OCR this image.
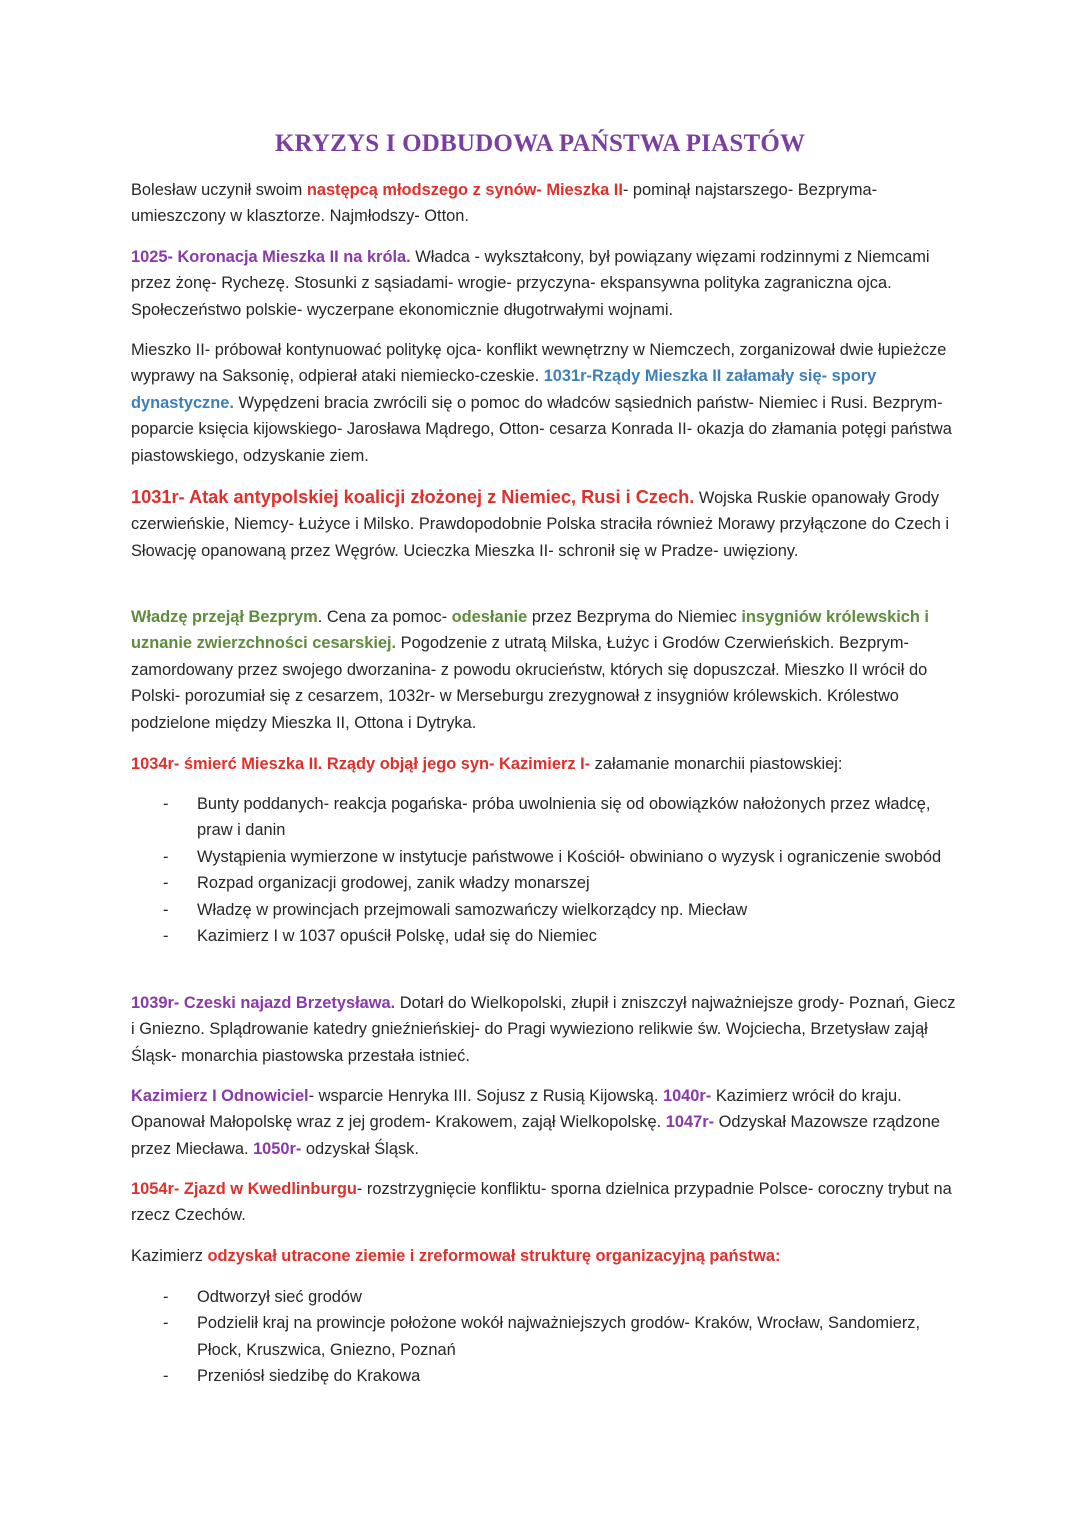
KRYZYS I ODBUDOWA PAŃSTWA PIASTÓW

Bolesław uczynił swoim następcą młodszego z synów- Mieszka II- pominął najstarszego- Bezpryma- umieszczony w klasztorze. Najmłodszy- Otton.

1025- Koronacja Mieszka II na króla. Władca - wykształcony, był powiązany więzami rodzinnymi z Niemcami przez żonę- Rychezę. Stosunki z sąsiadami- wrogie- przyczyna- ekspansywna polityka zagraniczna ojca. Społeczeństwo polskie- wyczerpane ekonomicznie długotrwałymi wojnami.

Mieszko II- próbował kontynuować politykę ojca- konflikt wewnętrzny w Niemczech, zorganizował dwie łupieżcze wyprawy na Saksonię, odpierał ataki niemiecko-czeskie. 1031r-Rządy Mieszka II załamały się- spory dynastyczne. Wypędzeni bracia zwrócili się o pomoc do władców sąsiednich państw- Niemiec i Rusi. Bezprym- poparcie księcia kijowskiego- Jarosława Mądrego, Otton- cesarza Konrada II- okazja do złamania potęgi państwa piastowskiego, odzyskanie ziem.

1031r- Atak antypolskiej koalicji złożonej z Niemiec, Rusi i Czech. Wojska Ruskie opanowały Grody czerwieńskie, Niemcy- Łużyce i Milsko. Prawdopodobnie Polska straciła również Morawy przyłączone do Czech i Słowację opanowaną przez Węgrów. Ucieczka Mieszka II- schronił się w Pradze- uwięziony.

Władzę przejął Bezprym. Cena za pomoc- odesłanie przez Bezpryma do Niemiec insygniów królewskich i uznanie zwierzchności cesarskiej. Pogodzenie z utratą Milska, Łużyc i Grodów Czerwieńskich. Bezprym- zamordowany przez swojego dworzanina- z powodu okrucieństw, których się dopuszczał. Mieszko II wrócił do Polski- porozumiał się z cesarzem, 1032r- w Merseburgu zrezygnował z insygniów królewskich. Królestwo podzielone między Mieszka II, Ottona i Dytryka.

1034r- śmierć Mieszka II. Rządy objął jego syn- Kazimierz I- załamanie monarchii piastowskiej:

- Bunty poddanych- reakcja pogańska- próba uwolnienia się od obowiązków nałożonych przez władcę, praw i danin
- Wystąpienia wymierzone w instytucje państwowe i Kościół- obwiniano o wyzysk i ograniczenie swobód
- Rozpad organizacji grodowej, zanik władzy monarszej
- Władzę w prowincjach przejmowali samozwańczy wielkorządcy np. Miecław
- Kazimierz I w 1037 opuścił Polskę, udał się do Niemiec

1039r- Czeski najazd Brzetysława. Dotarł do Wielkopolski, złupił i zniszczył najważniejsze grody- Poznań, Giecz i Gniezno. Splądrowanie katedry gnieźnieńskiej- do Pragi wywieziono relikwie św. Wojciecha, Brzetysław zajął Śląsk- monarchia piastowska przestała istnieć.

Kazimierz I Odnowiciel- wsparcie Henryka III. Sojusz z Rusią Kijowską. 1040r- Kazimierz wrócił do kraju. Opanował Małopolskę wraz z jej grodem- Krakowem, zajął Wielkopolskę. 1047r- Odzyskał Mazowsze rządzone przez Miecława. 1050r- odzyskał Śląsk.

1054r- Zjazd w Kwedlinburgu- rozstrzygnięcie konfliktu- sporna dzielnica przypadnie Polsce- coroczny trybut na rzecz Czechów.

Kazimierz odzyskał utracone ziemie i zreformował strukturę organizacyjną państwa:

- Odtworzył sieć grodów
- Podzielił kraj na prowincje położone wokół najważniejszych grodów- Kraków, Wrocław, Sandomierz, Płock, Kruszwica, Gniezno, Poznań
- Przeniósł siedzibę do Krakowa
